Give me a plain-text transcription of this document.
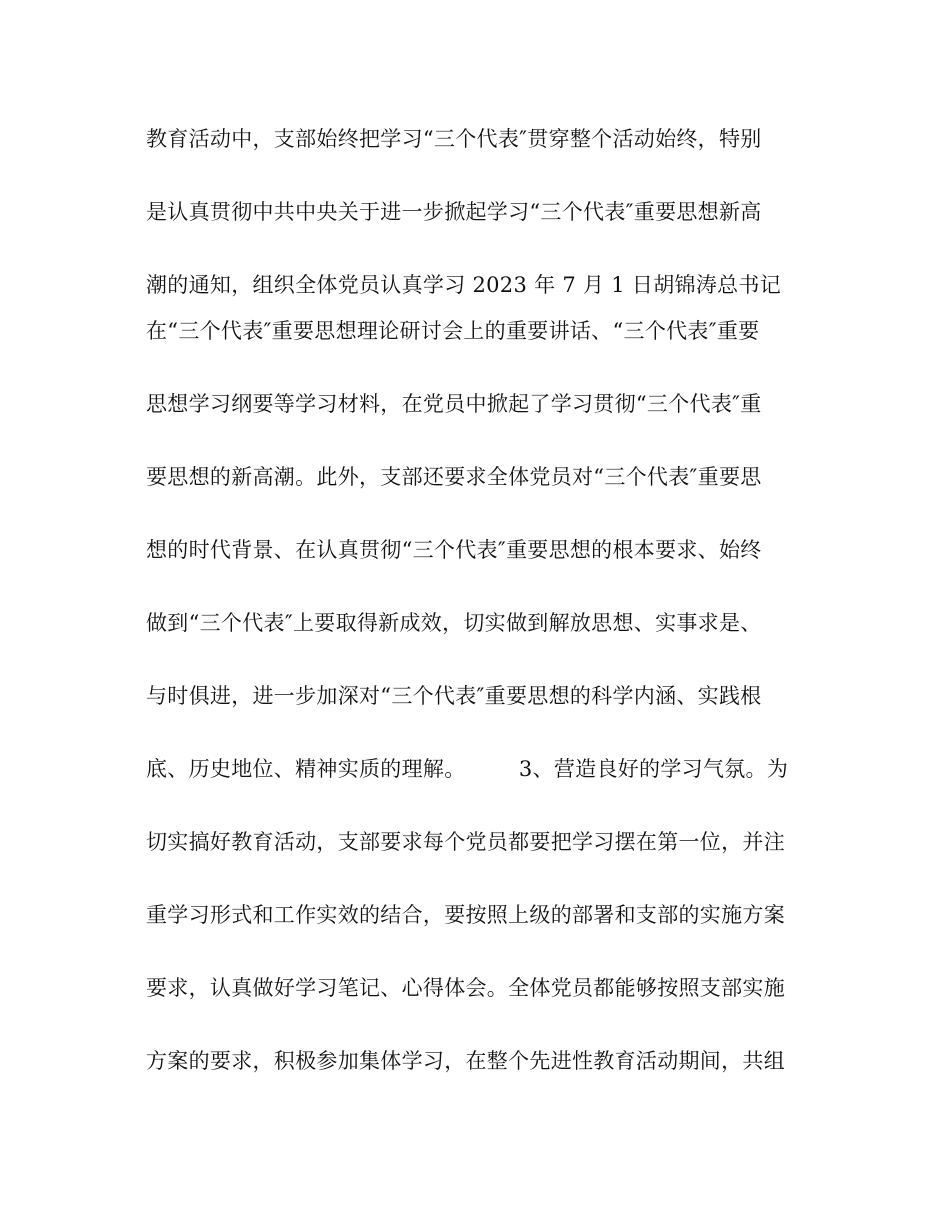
教育活动中，支部始终把学习“三个代表″贯穿整个活动始终，特别
是认真贯彻中共中央关于进一步掀起学习“三个代表″重要思想新高
潮的通知，组织全体党员认真学习 2023 年 7 月 1 日胡锦涛总书记
在“三个代表″重要思想理论研讨会上的重要讲话、“三个代表″重要
思想学习纲要等学习材料，在党员中掀起了学习贯彻“三个代表″重
要思想的新高潮。此外，支部还要求全体党员对“三个代表″重要思
想的时代背景、在认真贯彻“三个代表″重要思想的根本要求、始终
做到“三个代表″上要取得新成效，切实做到解放思想、实事求是、
与时俱进，进一步加深对“三个代表″重要思想的科学内涵、实践根
底、历史地位、精神实质的理解。　　　3、营造良好的学习气氛。为
切实搞好教育活动，支部要求每个党员都要把学习摆在第一位，并注
重学习形式和工作实效的结合，要按照上级的部署和支部的实施方案
要求，认真做好学习笔记、心得体会。全体党员都能够按照支部实施
方案的要求，积极参加集体学习，在整个先进性教育活动期间，共组
